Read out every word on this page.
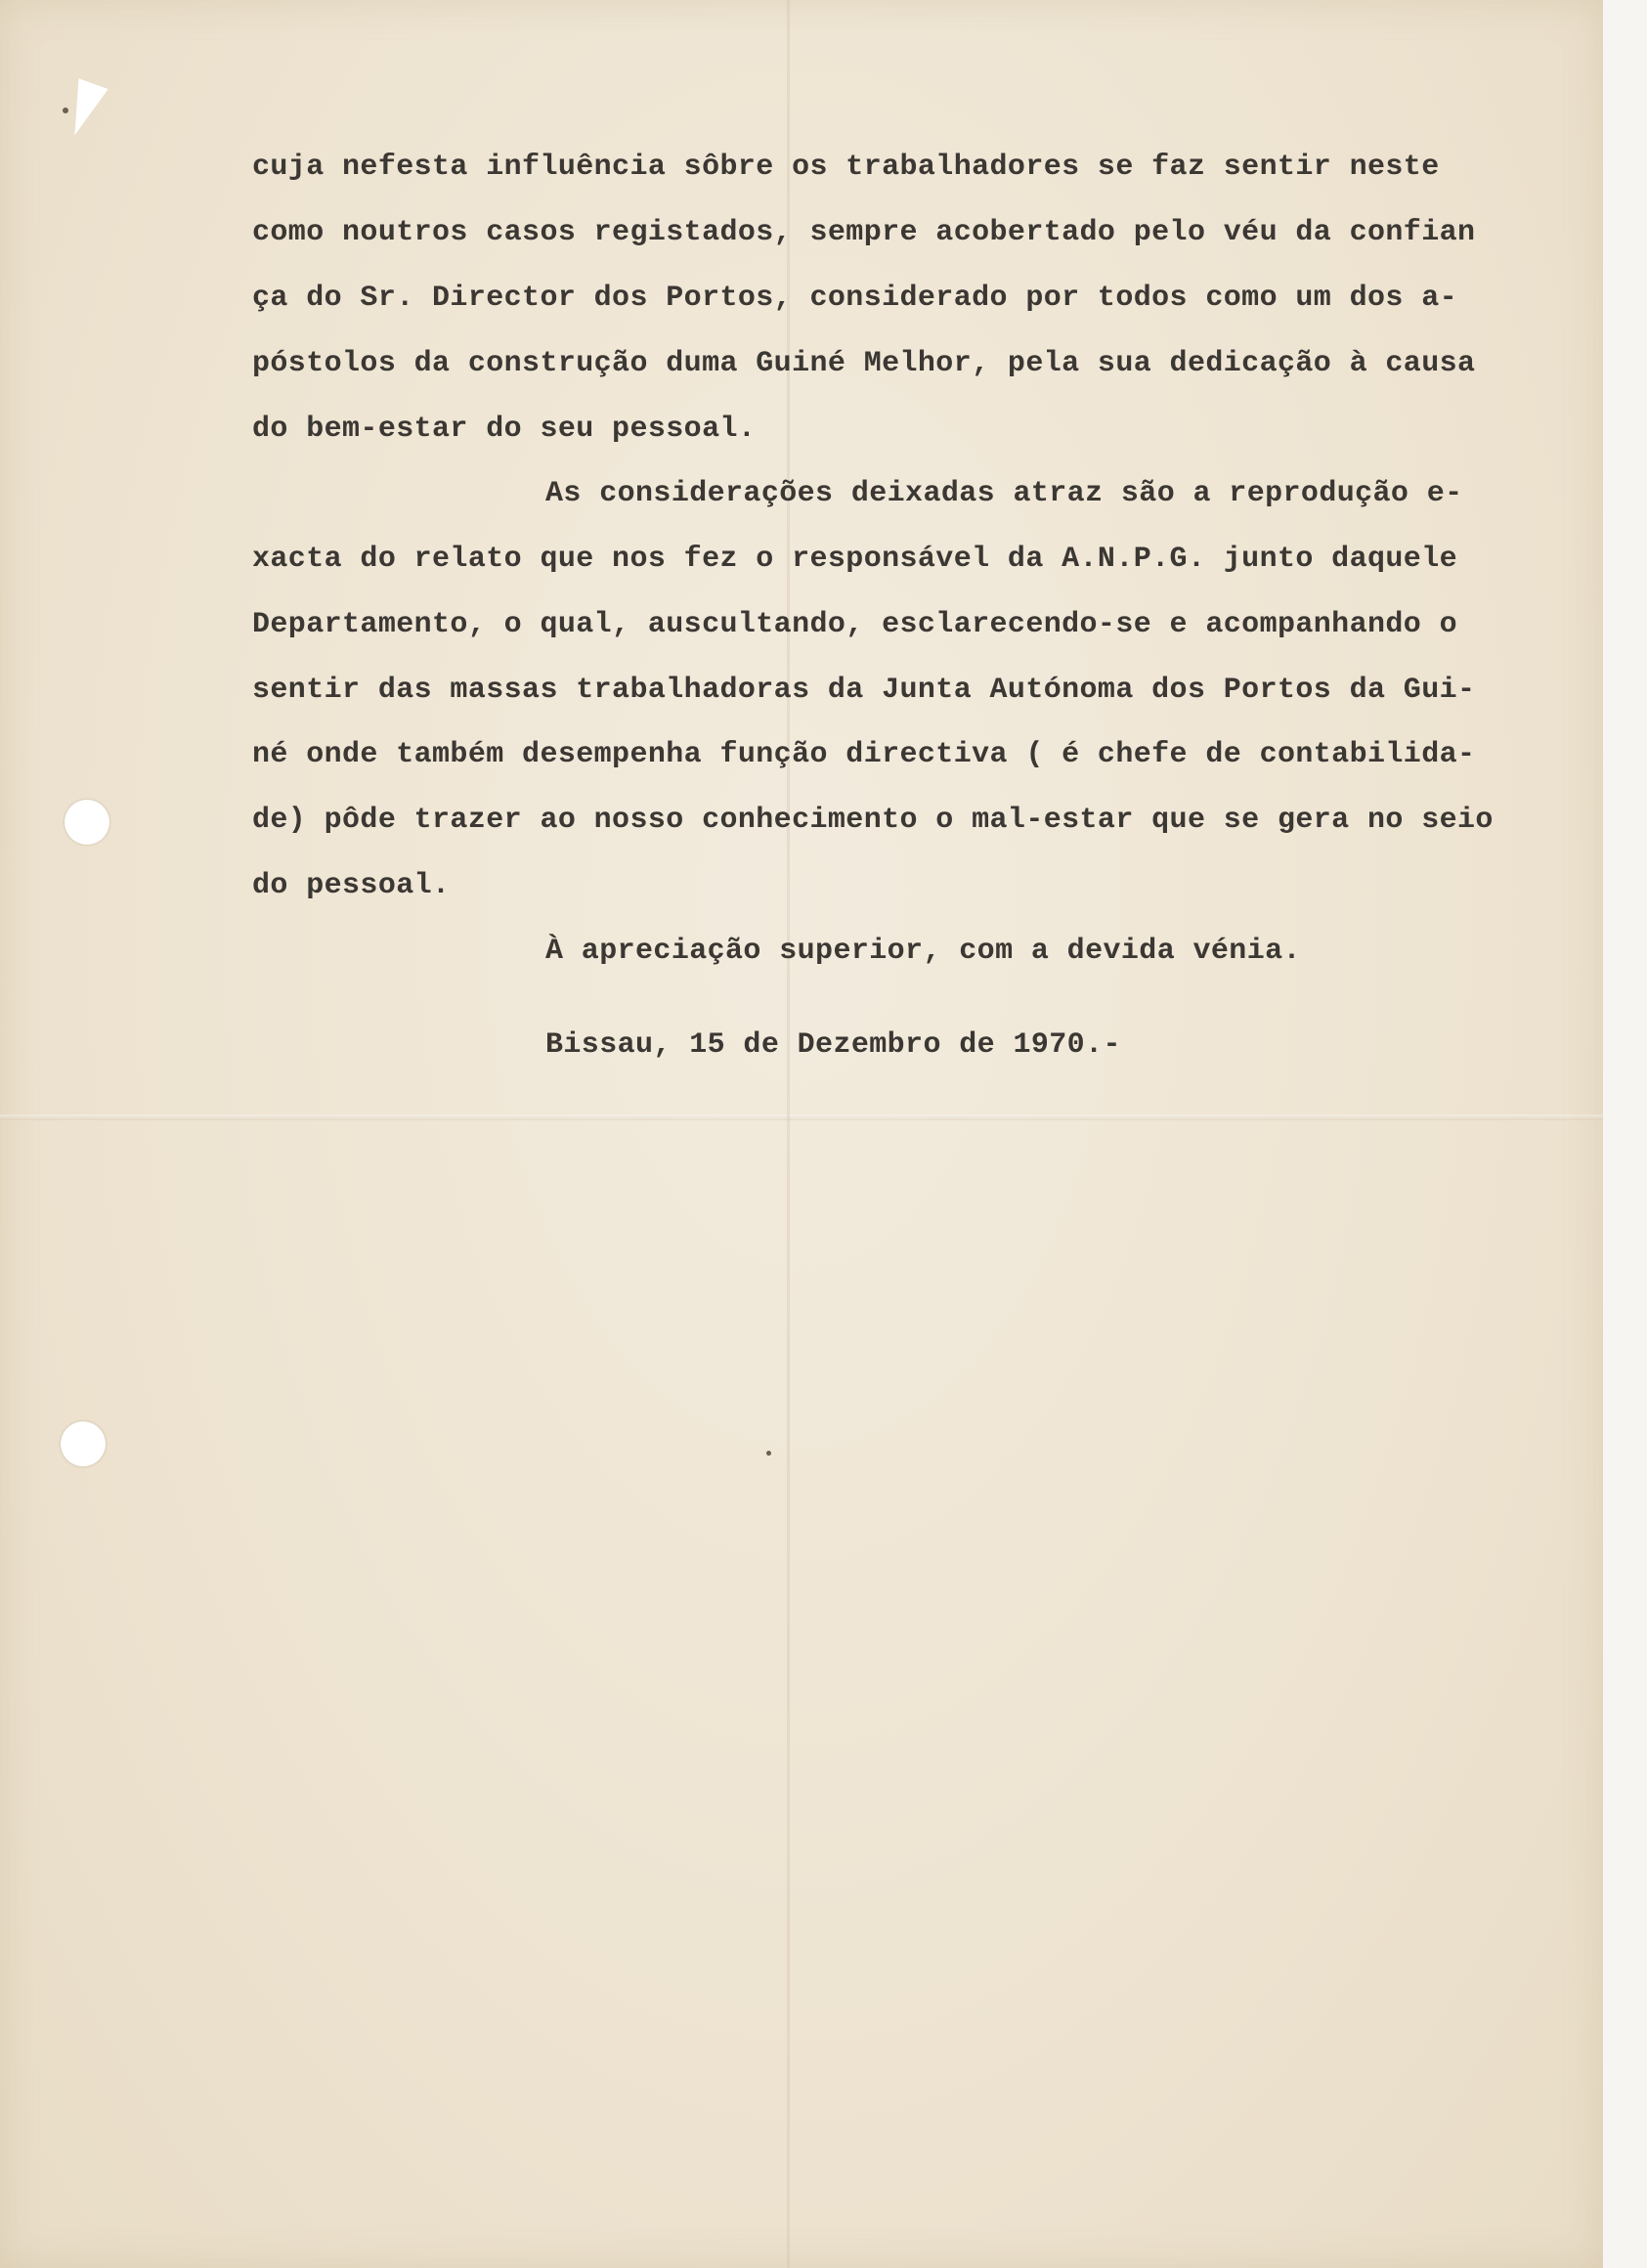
cuja nefesta influência sôbre os trabalhadores se faz sentir neste

como noutros casos registados, sempre acobertado pelo véu da confian

ça do Sr. Director dos Portos, considerado por todos como um dos a-

póstolos da construção duma Guiné Melhor, pela sua dedicação à causa

do bem-estar do seu pessoal.

As considerações deixadas atraz são a reprodução e-

xacta do relato que nos fez o responsável da A.N.P.G. junto daquele

Departamento, o qual, auscultando, esclarecendo-se e acompanhando o

sentir das massas trabalhadoras da Junta Autónoma dos Portos da Gui-

né onde também desempenha função directiva ( é chefe de contabilida-

de) pôde trazer ao nosso conhecimento o mal-estar que se gera no seio

do pessoal.

À apreciação superior, com a devida vénia.

Bissau, 15 de Dezembro de 1970.-
